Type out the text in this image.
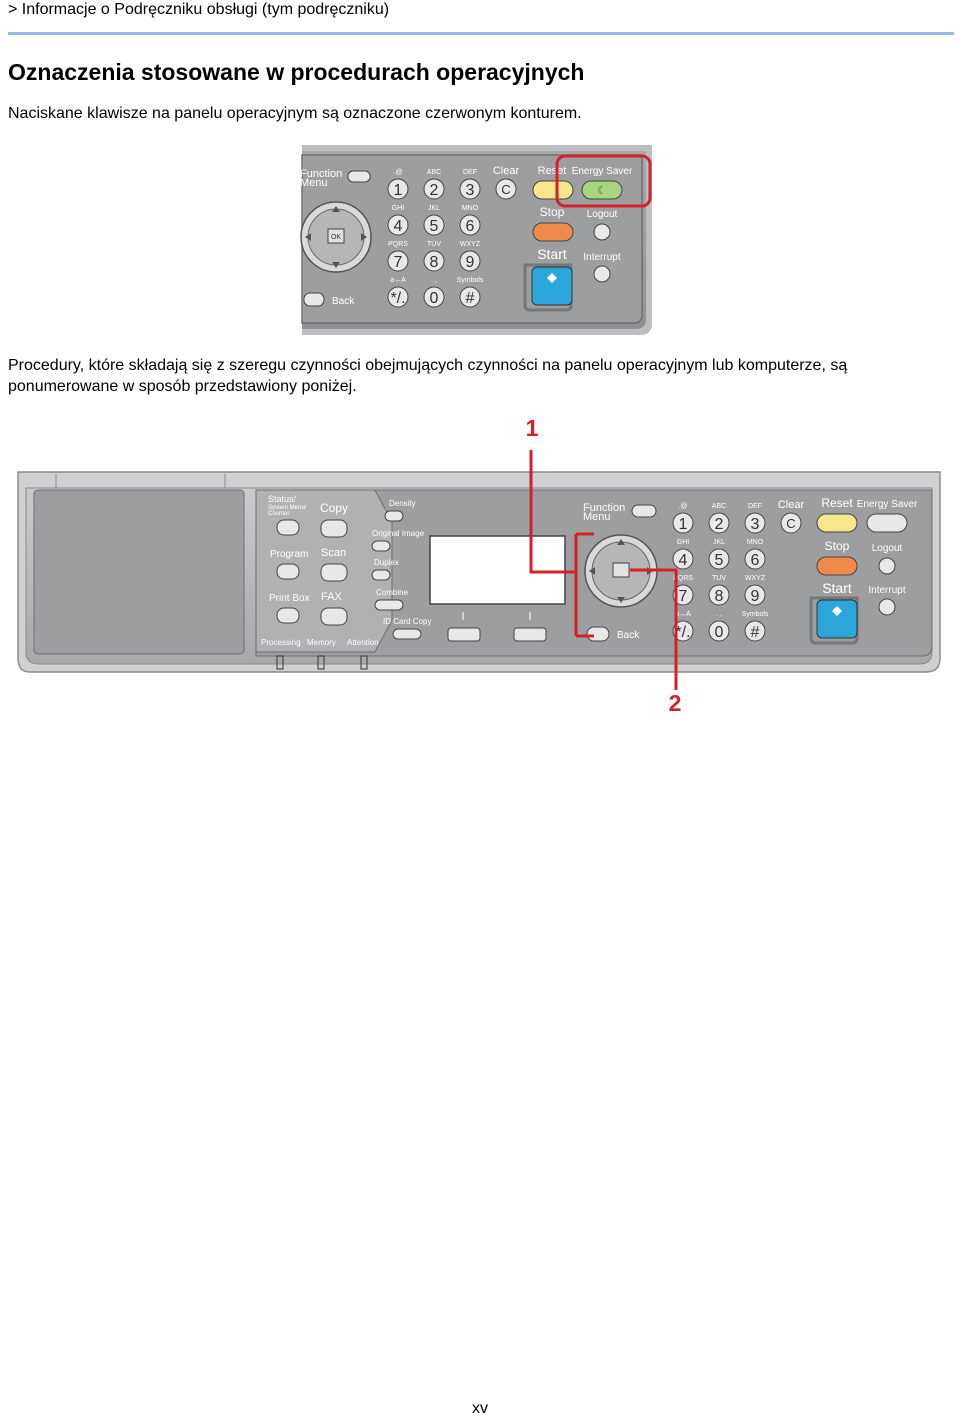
> Informacje o Podręczniku obsługi (tym podręczniku)
Oznaczenia stosowane w procedurach operacyjnych

Naciskane klawisze na panelu operacyjnym są oznaczone czerwonym konturem.

Function
Menu
OK
Back
.@
1
ABC
2
DEF
3
GHI
4
JKL
5
MNO
6
PQRS
7
TUV
8
WXYZ
9
a↔A
*/.
. ,
0
Symbols
#
Clear
C
Reset Energy Saver
☾
Stop Logout
Start Interrupt

Procedury, które składają się z szeregu czynności obejmujących czynności na panelu operacyjnym lub komputerze, są ponumerowane w sposób przedstawiony poniżej.

Status/
System Menu/
Counter	Copy
Program Scan
Print Box FAX
Processing Memory Attention
Density
Original Image
Duplex
Combine
ID Card Copy
Function
Menu
Back
.@
1
ABC
2
DEF
3
GHI
4
JKL
5
MNO
6
PQRS
7
TUV
8
WXYZ
9
a↔A
*/.
. ,
0
Symbols
#
Clear
C
Reset Energy Saver
Stop Logout
Start Interrupt
1
2
xv
